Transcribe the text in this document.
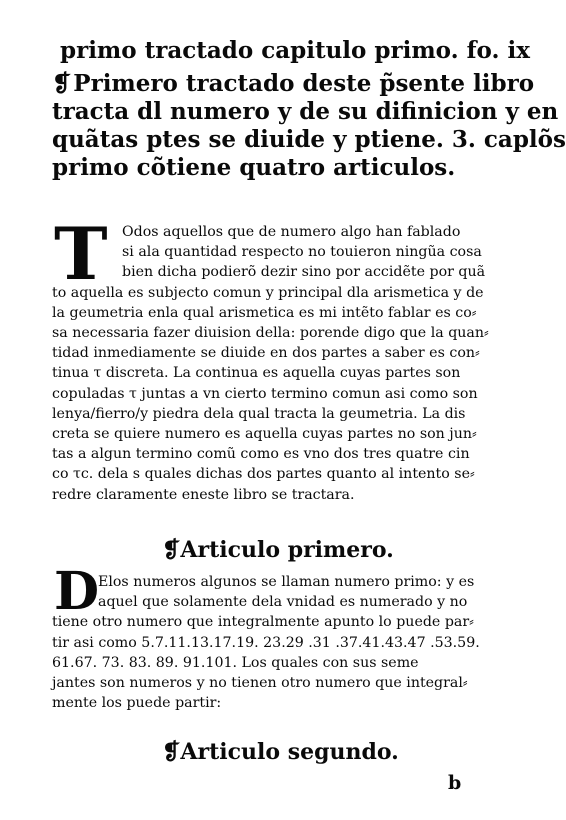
primo tractado capitulo primo. fo. ix
❡Primero tractado deste p̃sente libro
tracta dl numero y de su difinicion y en
quãtas ptes se diuide y ptiene. 3. caplõs
primo cõtiene quatro articulos.
T	Odos aquellos que de numero algo han fablado
si ala quantidad respecto no touieron ningũa cosa
bien dicha podierõ dezir sino por accidẽte por quã
to aquella es subjecto comun y principal dla arismetica y de
la geumetria enla qual arismetica es mi intẽto fablar es co⸗
sa necessaria fazer diuision della: porende digo que la quan⸗
tidad inmediamente se diuide en dos partes a saber es con⸗
tinua τ discreta. La continua es aquella cuyas partes son
copuladas τ juntas a vn cierto termino comun asi como son
lenya/fierro/y piedra dela qual tracta la geumetria. La dis
creta se quiere numero es aquella cuyas partes no son jun⸗
tas a algun termino comũ como es vno dos tres quatre cin
co τc. dela s quales dichas dos partes quanto al intento se⸗
redre claramente eneste libro se tractara.
❡Articulo primero.
D
Elos numeros algunos se llaman numero primo: y es
aquel que solamente dela vnidad es numerado y no
tiene otro numero que integralmente apunto lo puede par⸗
tir asi como 5.7.11.13.17.19. 23.29 .31 .37.41.43.47 .53.59.
61.67. 73. 83. 89. 91.101. Los quales con sus seme
jantes son numeros y no tienen otro numero que integral⸗
mente los puede partir:
❡Articulo segundo.
b
